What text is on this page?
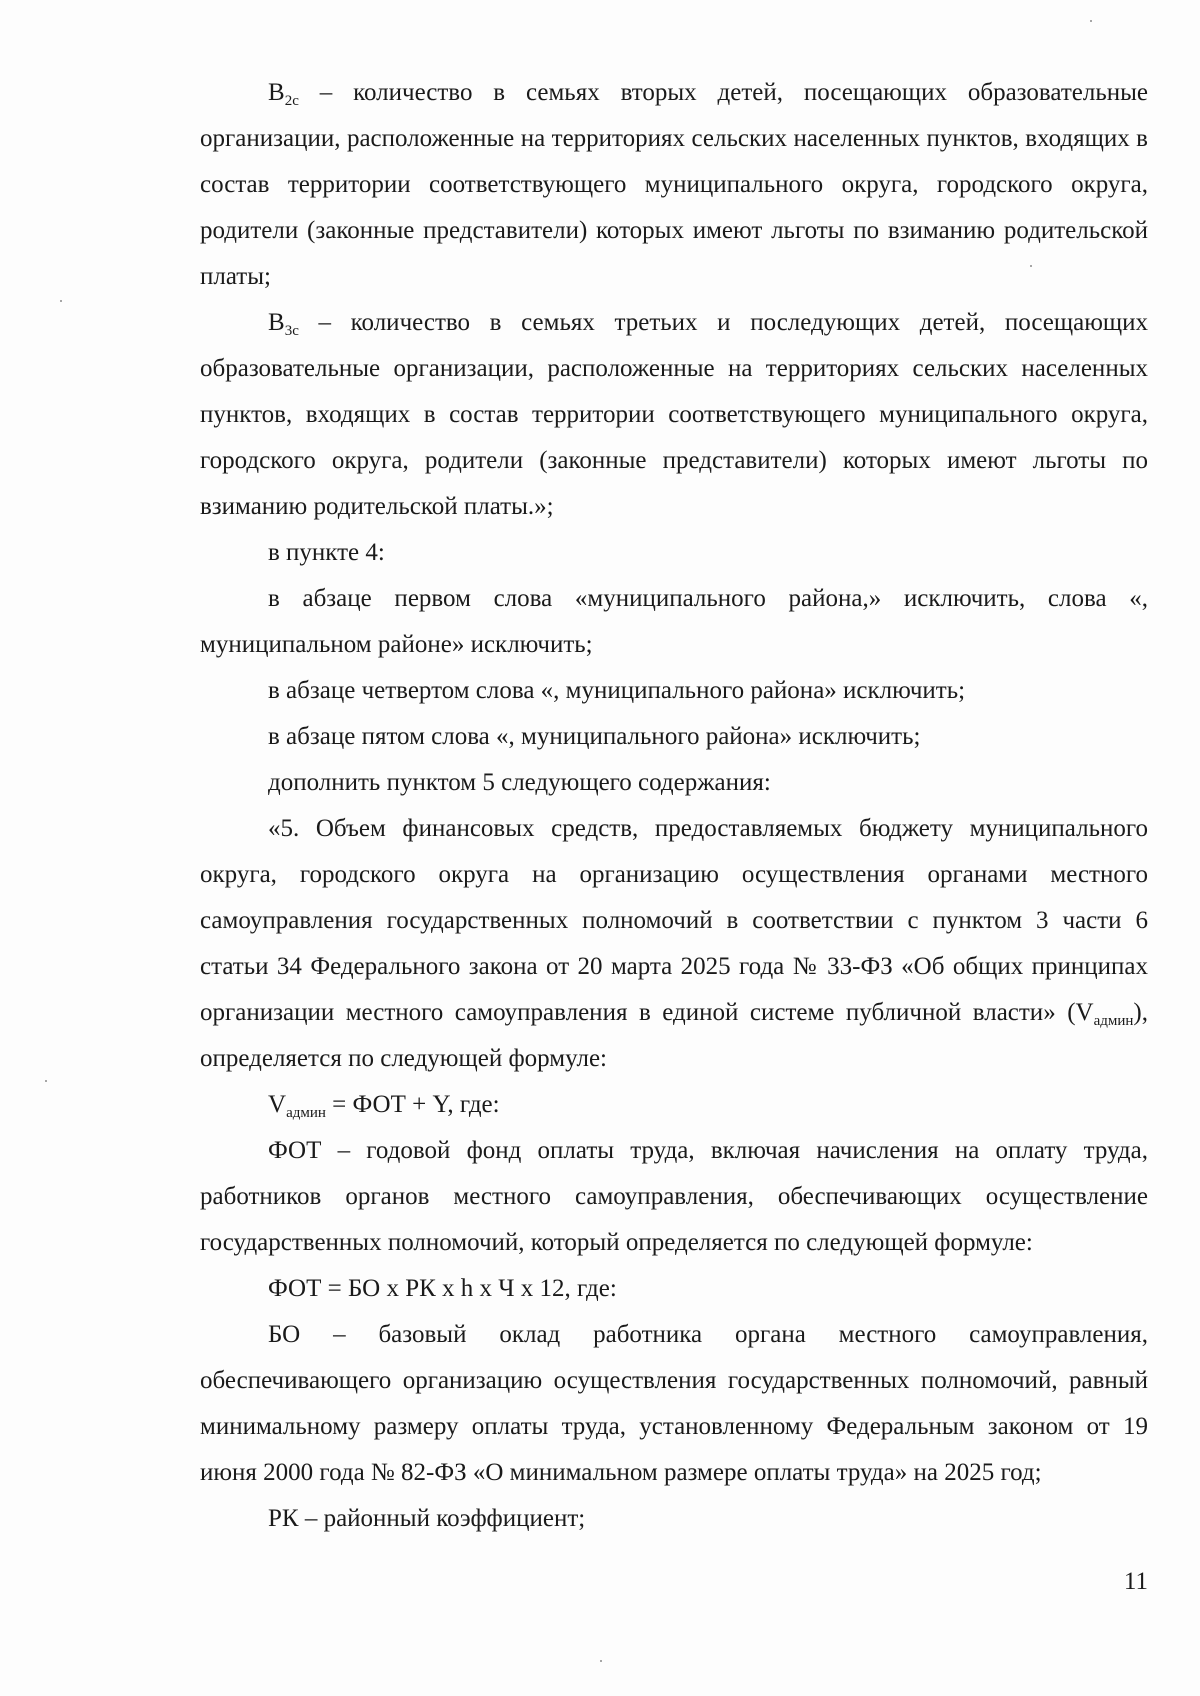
$В_{2с}$ – количество в семьях вторых детей, посещающих образовательные организации, расположенные на территориях сельских населенных пунктов, входящих в состав территории соответствующего муниципального округа, городского округа, родители (законные представители) которых имеют льготы по взиманию родительской платы;

$В_{3с}$ – количество в семьях третьих и последующих детей, посещающих образовательные организации, расположенные на территориях сельских населенных пунктов, входящих в состав территории соответствующего муниципального округа, городского округа, родители (законные представители) которых имеют льготы по взиманию родительской платы.»;

в пункте 4:

в абзаце первом слова «муниципального района,» исключить, слова «, муниципальном районе» исключить;

в абзаце четвертом слова «, муниципального района» исключить;

в абзаце пятом слова «, муниципального района» исключить;

дополнить пунктом 5 следующего содержания:

«5. Объем финансовых средств, предоставляемых бюджету муниципального округа, городского округа на организацию осуществления органами местного самоуправления государственных полномочий в соответствии с пунктом 3 части 6 статьи 34 Федерального закона от 20 марта 2025 года № 33-ФЗ «Об общих принципах организации местного самоуправления в единой системе публичной власти» $(V_{админ})$, определяется по следующей формуле:

$V_{админ}$ = ФОТ + Y, где:

ФОТ – годовой фонд оплаты труда, включая начисления на оплату труда, работников органов местного самоуправления, обеспечивающих осуществление государственных полномочий, который определяется по следующей формуле:

ФОТ = БО х РК х h х Ч х 12, где:

БО – базовый оклад работника органа местного самоуправления, обеспечивающего организацию осуществления государственных полномочий, равный минимальному размеру оплаты труда, установленному Федеральным законом от 19 июня 2000 года № 82-ФЗ «О минимальном размере оплаты труда» на 2025 год;

РК – районный коэффициент;

11
